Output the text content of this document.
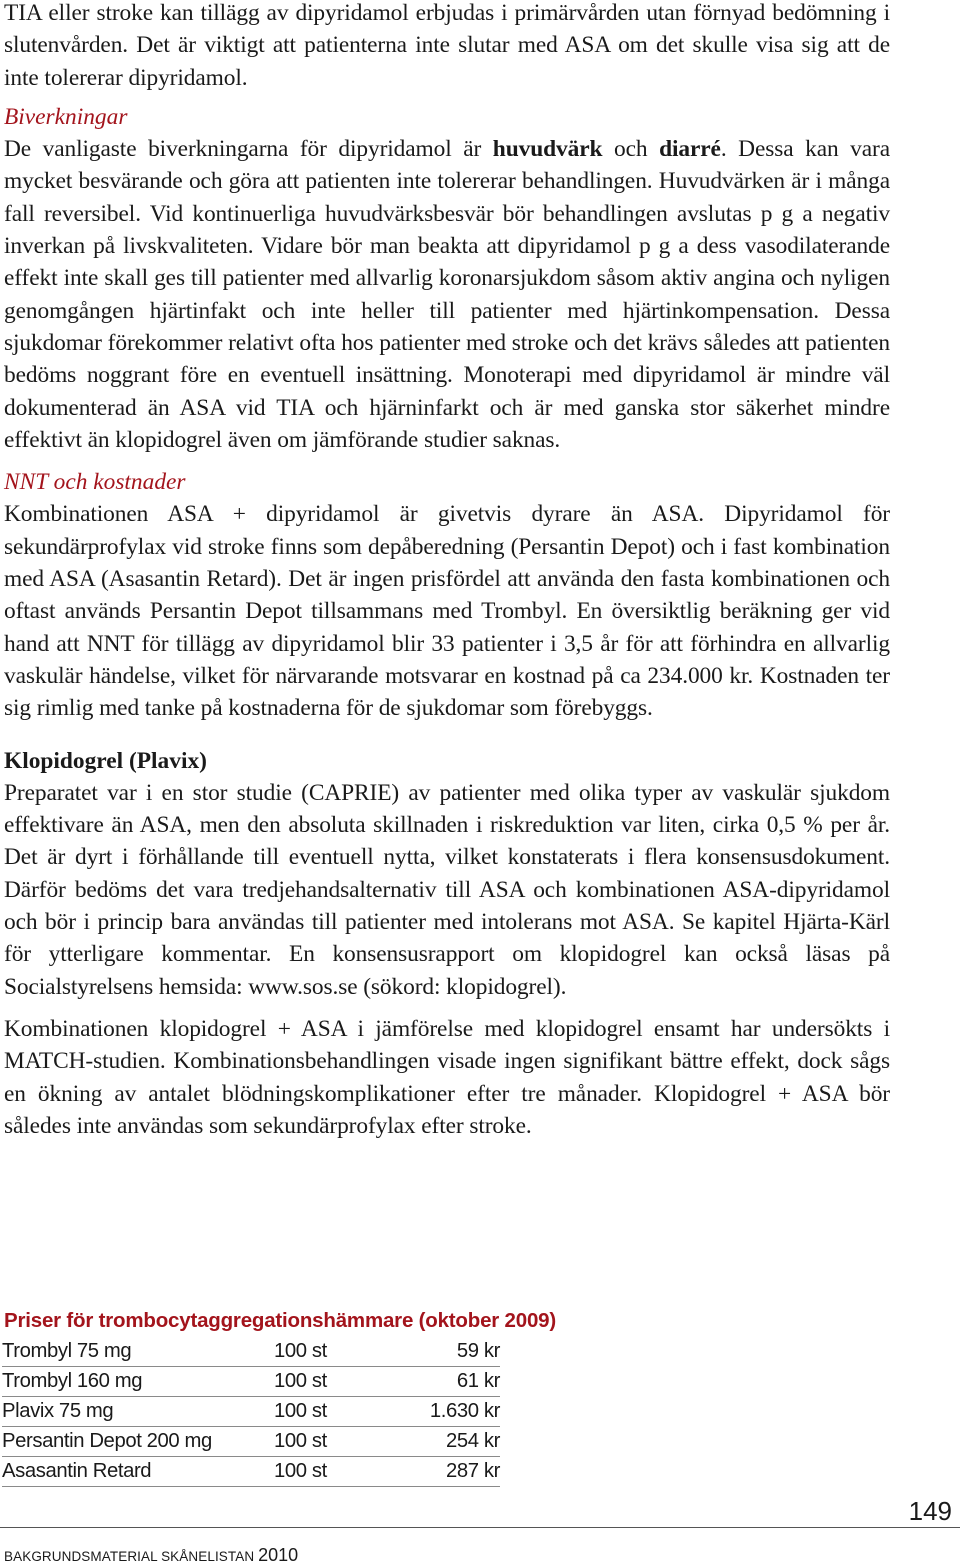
TIA eller stroke kan tillägg av dipyridamol erbjudas i primärvården utan förnyad bedömning i slutenvården. Det är viktigt att patienterna inte slutar med ASA om det skulle visa sig att de inte tolererar dipyridamol.

Biverkningar

De vanligaste biverkningarna för dipyridamol är huvudvärk och diarré. Dessa kan vara mycket besvärande och göra att patienten inte tolererar behandlingen. Huvudvärken är i många fall reversibel. Vid kontinuerliga huvudvärksbesvär bör behandlingen avslutas p g a negativ inverkan på livskvaliteten. Vidare bör man beakta att dipyridamol p g a dess vasodilaterande effekt inte skall ges till patienter med allvarlig koronarsjukdom såsom aktiv angina och nyligen genomgången hjärtinfakt och inte heller till patienter med hjärtinkompensation. Dessa sjukdomar förekommer relativt ofta hos patienter med stroke och det krävs således att patienten bedöms noggrant före en eventuell insättning. Monoterapi med dipyridamol är mindre väl dokumenterad än ASA vid TIA och hjärninfarkt och är med ganska stor säkerhet mindre effektivt än klopidogrel även om jämförande studier saknas.

NNT och kostnader

Kombinationen ASA + dipyridamol är givetvis dyrare än ASA. Dipyridamol för sekundärprofylax vid stroke finns som depåberedning (Persantin Depot) och i fast kombination med ASA (Asasantin Retard). Det är ingen prisfördel att använda den fasta kombinationen och oftast används Persantin Depot tillsammans med Trombyl. En översiktlig beräkning ger vid hand att NNT för tillägg av dipyridamol blir 33 patienter i 3,5 år för att förhindra en allvarlig vaskulär händelse, vilket för närvarande motsvarar en kostnad på ca 234.000 kr. Kostnaden ter sig rimlig med tanke på kostnaderna för de sjukdomar som förebyggs.

Klopidogrel (Plavix)

Preparatet var i en stor studie (CAPRIE) av patienter med olika typer av vaskulär sjukdom effektivare än ASA, men den absoluta skillnaden i riskreduktion var liten, cirka 0,5 % per år. Det är dyrt i förhållande till eventuell nytta, vilket konstaterats i flera konsensusdokument. Därför bedöms det vara tredjehandsalternativ till ASA och kombinationen ASA-dipyridamol och bör i princip bara användas till patienter med intolerans mot ASA. Se kapitel Hjärta-Kärl för ytterligare kommentar. En konsensusrapport om klopidogrel kan också läsas på Socialstyrelsens hemsida: www.sos.se (sökord: klopidogrel).

Kombinationen klopidogrel + ASA i jämförelse med klopidogrel ensamt har undersökts i MATCH-studien. Kombinationsbehandlingen visade ingen signifikant bättre effekt, dock sågs en ökning av antalet blödningskomplikationer efter tre månader. Klopidogrel + ASA bör således inte användas som sekundärprofylax efter stroke.

Priser för trombocytaggregationshämmare (oktober 2009)
Trombyl 75 mg	100 st	59 kr
Trombyl 160 mg	100 st	61 kr
Plavix 75 mg	100 st	1.630 kr
Persantin Depot 200 mg	100 st	254 kr
Asasantin Retard	100 st	287 kr
149
BAKGRUNDSMATERIAL SKÅNELISTAN 2010
